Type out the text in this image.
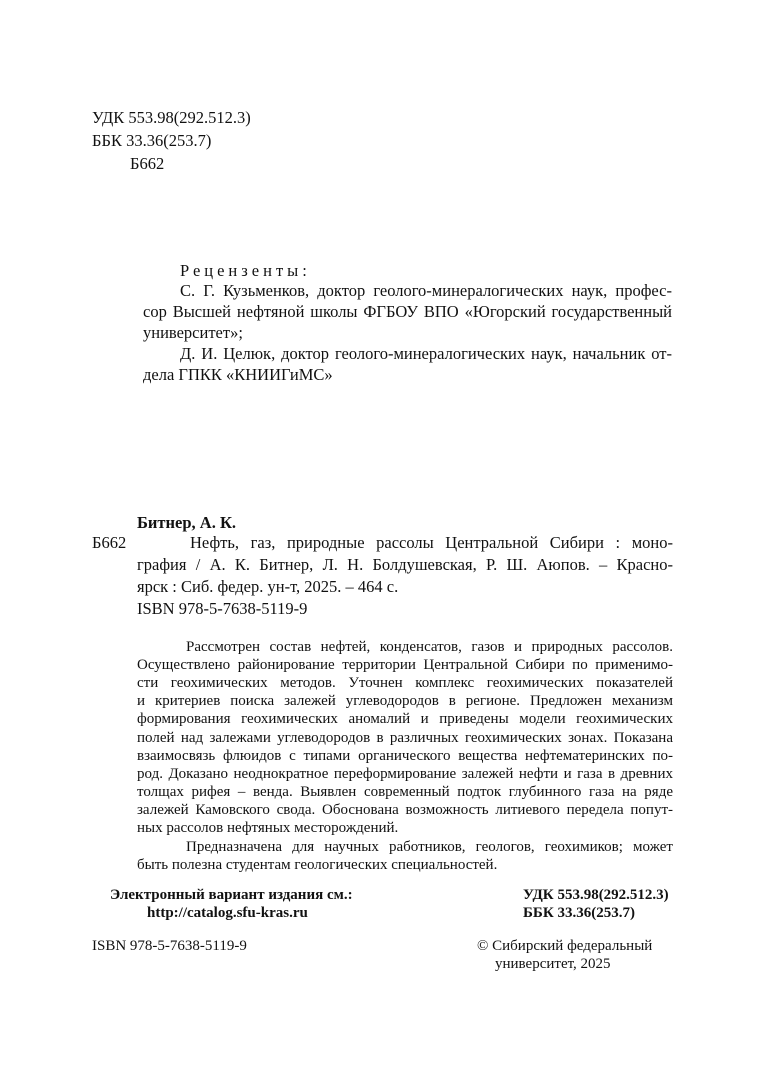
УДК 553.98(292.512.3)
ББК 33.36(253.7)
Б662
Рецензенты:
С. Г. Кузьменков, доктор геолого-минералогических наук, профес-
сор Высшей нефтяной школы ФГБОУ ВПО «Югорский государственный
университет»;
Д. И. Целюк, доктор геолого-минералогических наук, начальник от-
дела ГПКК «КНИИГиМС»
Битнер, А. К.
Б662	Нефть, газ, природные рассолы Центральной Сибири : моно-
графия / А. К. Битнер, Л. Н. Болдушевская, Р. Ш. Аюпов. – Красно-
ярск : Сиб. федер. ун-т, 2025. – 464 с.
ISBN 978-5-7638-5119-9
Рассмотрен состав нефтей, конденсатов, газов и природных рассолов.
Осуществлено районирование территории Центральной Сибири по применимо-
сти геохимических методов. Уточнен комплекс геохимических показателей
и критериев поиска залежей углеводородов в регионе. Предложен механизм
формирования геохимических аномалий и приведены модели геохимических
полей над залежами углеводородов в различных геохимических зонах. Показана
взаимосвязь флюидов с типами органического вещества нефтематеринских по-
род. Доказано неоднократное переформирование залежей нефти и газа в древних
толщах рифея – венда. Выявлен современный подток глубинного газа на ряде
залежей Камовского свода. Обоснована возможность литиевого передела попут-
ных рассолов нефтяных месторождений.
Предназначена для научных работников, геологов, геохимиков; может
быть полезна студентам геологических специальностей.
Электронный вариант издания см.:
http://catalog.sfu-kras.ru
УДК 553.98(292.512.3)
ББК 33.36(253.7)
ISBN 978-5-7638-5119-9	© Сибирский федеральный
университет, 2025
